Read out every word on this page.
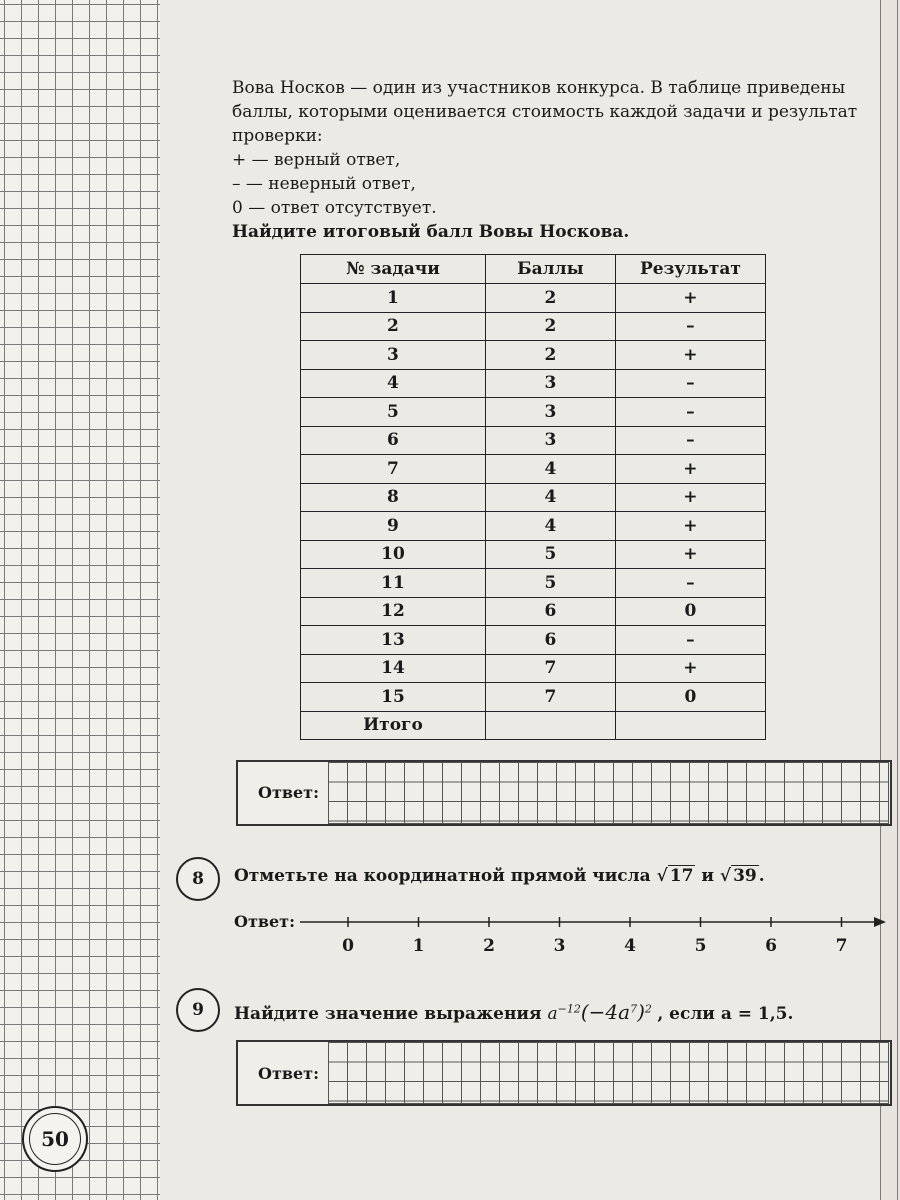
Вова Носков — один из участников конкурса. В таблице приведены

баллы, которыми оценивается стоимость каждой задачи и результат

проверки:

+ — верный ответ,

– — неверный ответ,

0 — ответ отсутствует.

Найдите итоговый балл Вовы Носкова.

№ задачи	Баллы	Результат
1	2	+
2	2	–
3	2	+
4	3	–
5	3	–
6	3	–
7	4	+
8	4	+
9	4	+
10	5	+
11	5	–
12	6	0
13	6	–
14	7	+
15	7	0
Итого		
Ответ:
8	Отметьте на координатной прямой числа √ 17 и √ 39 .
Ответ:
0	1	2	3	4	5	6	7
9	Найдите значение выражения $a^{-12}(-4a^7)^2$ , если a = 1,5.
Ответ:
50
